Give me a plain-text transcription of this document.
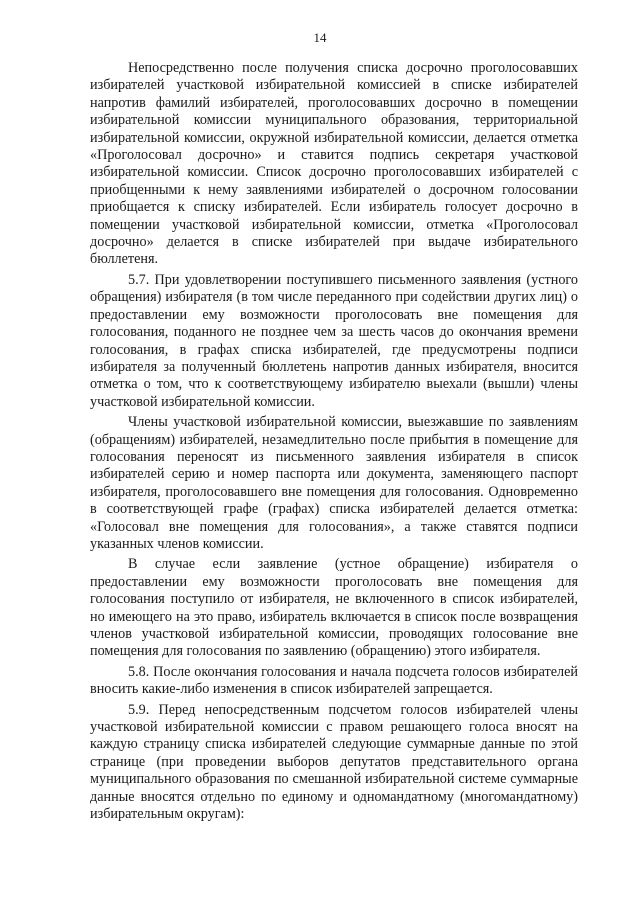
14

Непосредственно после получения списка досрочно проголосовавших избирателей участковой избирательной комиссией в списке избирателей напротив фамилий избирателей, проголосовавших досрочно в помещении избирательной комиссии муниципального образования, территориальной избирательной комиссии, окружной избирательной комиссии, делается отметка «Проголосовал досрочно» и ставится подпись секретаря участковой избирательной комиссии. Список досрочно проголосовавших избирателей с приобщенными к нему заявлениями избирателей о досрочном голосовании приобщается к списку избирателей. Если избиратель голосует досрочно в помещении участковой избирательной комиссии, отметка «Проголосовал досрочно» делается в списке избирателей при выдаче избирательного бюллетеня.

5.7. При удовлетворении поступившего письменного заявления (устного обращения) избирателя (в том числе переданного при содействии других лиц) о предоставлении ему возможности проголосовать вне помещения для голосования, поданного не позднее чем за шесть часов до окончания времени голосования, в графах списка избирателей, где предусмотрены подписи избирателя за полученный бюллетень напротив данных избирателя, вносится отметка о том, что к соответствующему избирателю выехали (вышли) члены участковой избирательной комиссии.

Члены участковой избирательной комиссии, выезжавшие по заявлениям (обращениям) избирателей, незамедлительно после прибытия в помещение для голосования переносят из письменного заявления избирателя в список избирателей серию и номер паспорта или документа, заменяющего паспорт избирателя, проголосовавшего вне помещения для голосования. Одновременно в соответствующей графе (графах) списка избирателей делается отметка: «Голосовал вне помещения для голосования», а также ставятся подписи указанных членов комиссии.

В случае если заявление (устное обращение) избирателя о предоставлении ему возможности проголосовать вне помещения для голосования поступило от избирателя, не включенного в список избирателей, но имеющего на это право, избиратель включается в список после возвращения членов участковой избирательной комиссии, проводящих голосование вне помещения для голосования по заявлению (обращению) этого избирателя.

5.8. После окончания голосования и начала подсчета голосов избирателей вносить какие-либо изменения в список избирателей запрещается.

5.9. Перед непосредственным подсчетом голосов избирателей члены участковой избирательной комиссии с правом решающего голоса вносят на каждую страницу списка избирателей следующие суммарные данные по этой странице (при проведении выборов депутатов представительного органа муниципального образования по смешанной избирательной системе суммарные данные вносятся отдельно по единому и одномандатному (многомандатному) избирательным округам):
